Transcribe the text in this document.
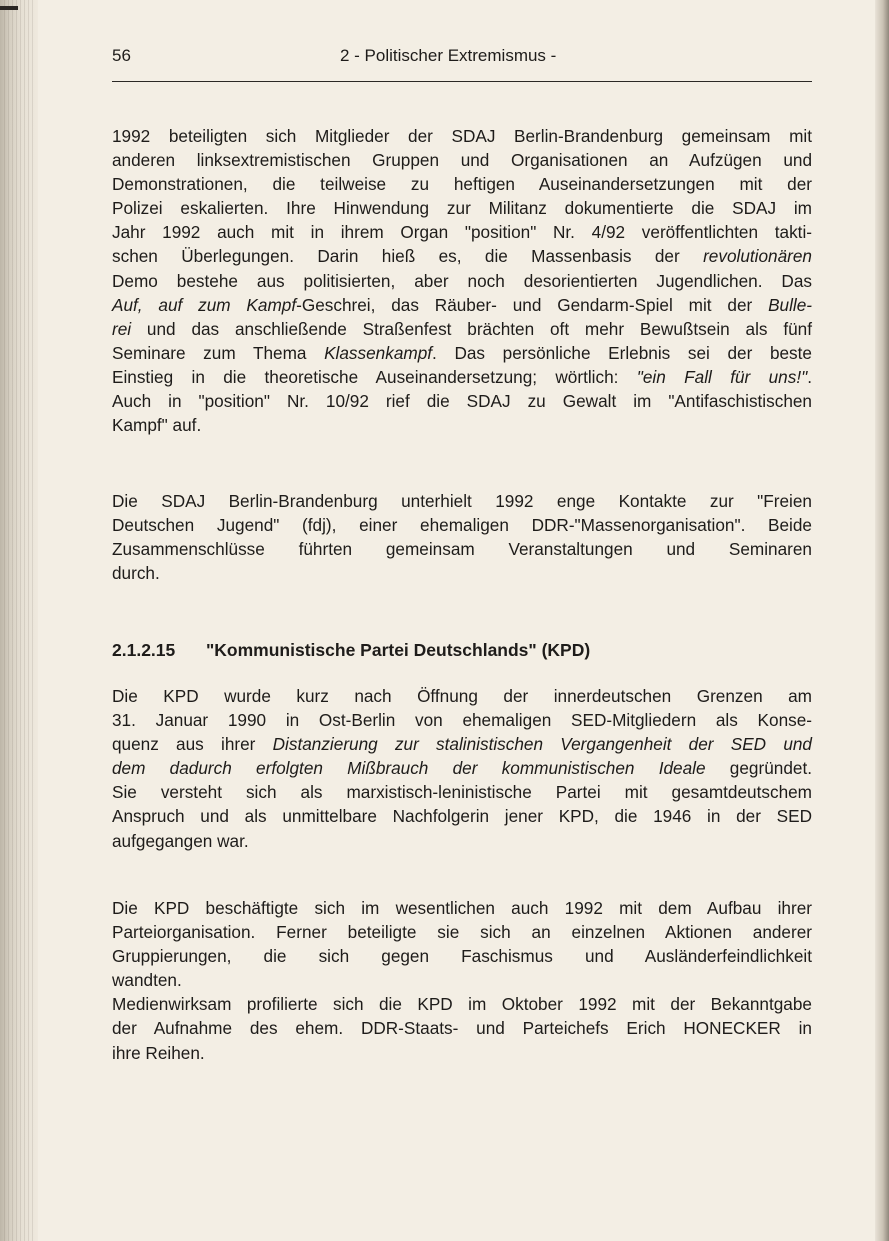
56	2 - Politischer Extremismus -
1992 beteiligten sich Mitglieder der SDAJ Berlin-Brandenburg gemeinsam mit
anderen linksextremistischen Gruppen und Organisationen an Aufzügen und
Demonstrationen, die teilweise zu heftigen Auseinandersetzungen mit der
Polizei eskalierten. Ihre Hinwendung zur Militanz dokumentierte die SDAJ im
Jahr 1992 auch mit in ihrem Organ "position" Nr. 4/92 veröffentlichten takti-
schen Überlegungen. Darin hieß es, die Massenbasis der revolutionären
Demo bestehe aus politisierten, aber noch desorientierten Jugendlichen. Das
Auf, auf zum Kampf-Geschrei, das Räuber- und Gendarm-Spiel mit der Bulle-
rei und das anschließende Straßenfest brächten oft mehr Bewußtsein als fünf
Seminare zum Thema Klassenkampf. Das persönliche Erlebnis sei der beste
Einstieg in die theoretische Auseinandersetzung; wörtlich: "ein Fall für uns!".
Auch in "position" Nr. 10/92 rief die SDAJ zu Gewalt im "Antifaschistischen
Kampf" auf.
Die SDAJ Berlin-Brandenburg unterhielt 1992 enge Kontakte zur "Freien
Deutschen Jugend" (fdj), einer ehemaligen DDR-"Massenorganisation". Beide
Zusammenschlüsse führten gemeinsam Veranstaltungen und Seminaren
durch.
2.1.2.15 "Kommunistische Partei Deutschlands" (KPD)
Die KPD wurde kurz nach Öffnung der innerdeutschen Grenzen am
31. Januar 1990 in Ost-Berlin von ehemaligen SED-Mitgliedern als Konse-
quenz aus ihrer Distanzierung zur stalinistischen Vergangenheit der SED und
dem dadurch erfolgten Mißbrauch der kommunistischen Ideale gegründet.
Sie versteht sich als marxistisch-leninistische Partei mit gesamtdeutschem
Anspruch und als unmittelbare Nachfolgerin jener KPD, die 1946 in der SED
aufgegangen war.
Die KPD beschäftigte sich im wesentlichen auch 1992 mit dem Aufbau ihrer
Parteiorganisation. Ferner beteiligte sie sich an einzelnen Aktionen anderer
Gruppierungen, die sich gegen Faschismus und Ausländerfeindlichkeit
wandten.
Medienwirksam profilierte sich die KPD im Oktober 1992 mit der Bekanntgabe
der Aufnahme des ehem. DDR-Staats- und Parteichefs Erich HONECKER in
ihre Reihen.
